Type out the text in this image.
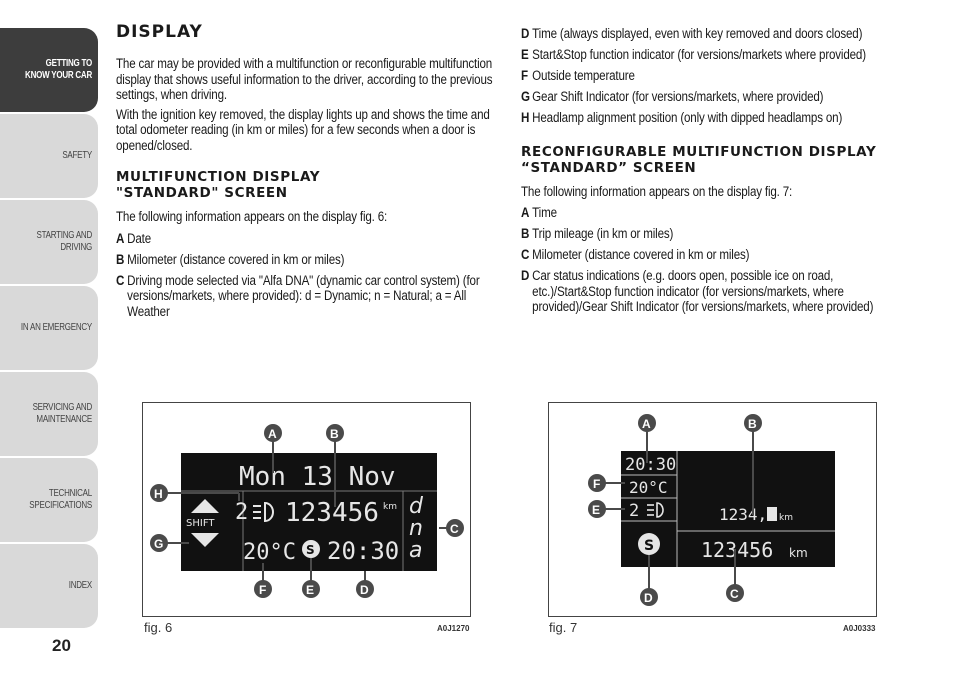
GETTING TO
KNOW YOUR CAR
SAFETY
STARTING AND
DRIVING
IN AN EMERGENCY
SERVICING AND
MAINTENANCE
TECHNICAL
SPECIFICATIONS
INDEX
20
DISPLAY
The car may be provided with a multifunction or reconfigurable multifunction display that shows useful information to the driver, according to the previous settings, when driving.
With the ignition key removed, the display lights up and shows the time and total odometer reading (in km or miles) for a few seconds when a door is opened/closed.
MULTIFUNCTION DISPLAY "STANDARD" SCREEN
The following information appears on the display fig. 6:
A Date
B Milometer (distance covered in km or miles)
C Driving mode selected via "Alfa DNA" (dynamic car control system) (for versions/markets, where provided): d = Dynamic; n = Natural; a = All Weather
D Time (always displayed, even with key removed and doors closed)
E Start&Stop function indicator (for versions/markets where provided)
F Outside temperature
G Gear Shift Indicator (for versions/markets, where provided)
H Headlamp alignment position (only with dipped headlamps on)
RECONFIGURABLE MULTIFUNCTION DISPLAY “STANDARD” SCREEN
The following information appears on the display fig. 7:
A Time
B Trip mileage (in km or miles)
C Milometer (distance covered in km or miles)
D Car status indications (e.g. doors open, possible ice on road, etc.)/Start&Stop function indicator (for versions/markets, where provided)/Gear Shift Indicator (for versions/markets, where provided)
Mon 13 Nov
SHIFT 2 123456 km d
n
a
20°C S 20:30
A	B
C
D
E
F
G
H
fig. 6	A0J1270
20:30
20°C
2
S
1234, km
123456 km
A	B
C
D
F
E
fig. 7	A0J0333
